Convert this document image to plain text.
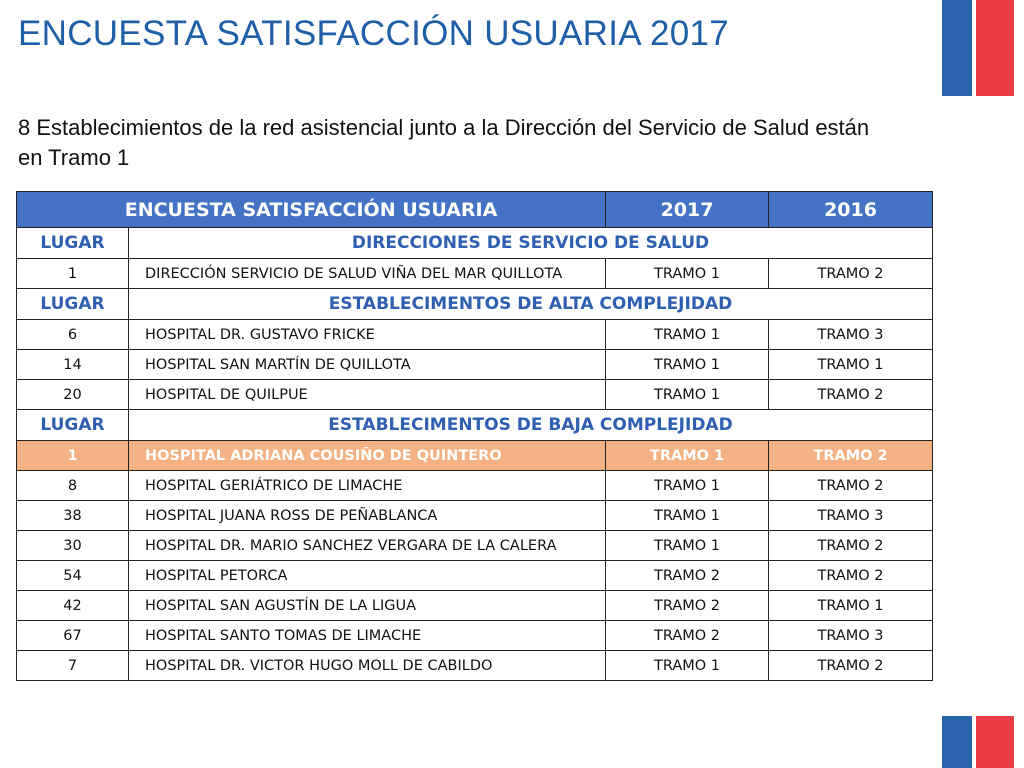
ENCUESTA SATISFACCIÓN USUARIA 2017
8 Establecimientos de la red asistencial junto a la Dirección del Servicio de Salud están en Tramo 1
ENCUESTA SATISFACCIÓN USUARIA		2017	2016
LUGAR	DIRECCIONES DE SERVICIO DE SALUD		
1	DIRECCIÓN SERVICIO DE SALUD VIÑA DEL MAR QUILLOTA	TRAMO 1	TRAMO 2
LUGAR	ESTABLECIMENTOS DE ALTA COMPLEJIDAD		
6	HOSPITAL DR. GUSTAVO FRICKE	TRAMO 1	TRAMO 3
14	HOSPITAL SAN MARTÍN DE QUILLOTA	TRAMO 1	TRAMO 1
20	HOSPITAL DE QUILPUE	TRAMO 1	TRAMO 2
LUGAR	ESTABLECIMENTOS DE BAJA COMPLEJIDAD		
1	HOSPITAL ADRIANA COUSIÑO DE QUINTERO	TRAMO 1	TRAMO 2
8	HOSPITAL GERIÁTRICO DE LIMACHE	TRAMO 1	TRAMO 2
38	HOSPITAL JUANA ROSS DE PEÑABLANCA	TRAMO 1	TRAMO 3
30	HOSPITAL DR. MARIO SANCHEZ VERGARA DE LA CALERA	TRAMO 1	TRAMO 2
54	HOSPITAL PETORCA	TRAMO 2	TRAMO 2
42	HOSPITAL SAN AGUSTÍN DE LA LIGUA	TRAMO 2	TRAMO 1
67	HOSPITAL SANTO TOMAS DE LIMACHE	TRAMO 2	TRAMO 3
7	HOSPITAL DR. VICTOR HUGO MOLL DE CABILDO	TRAMO 1	TRAMO 2
